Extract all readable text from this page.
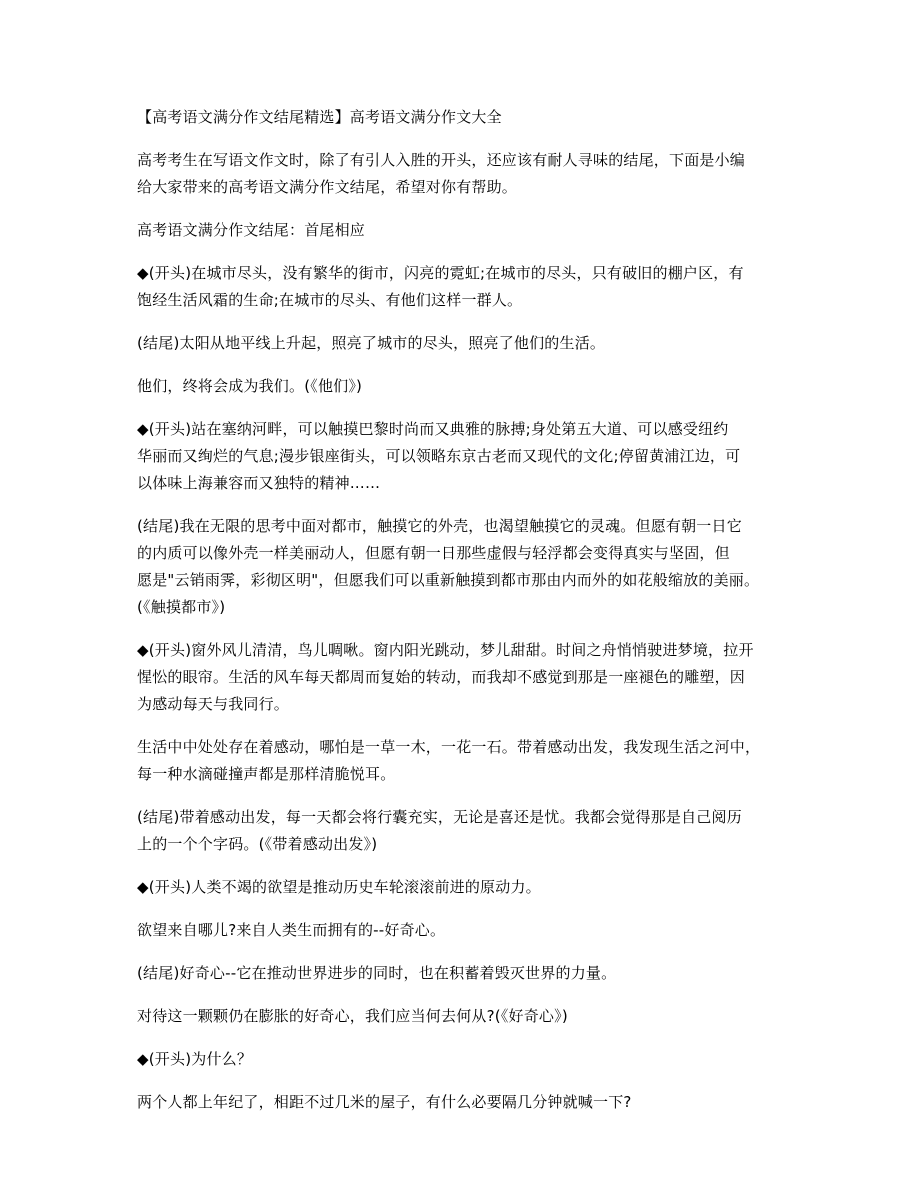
【高考语文满分作文结尾精选】高考语文满分作文大全
高考考生在写语文作文时，除了有引人入胜的开头，还应该有耐人寻味的结尾，下面是小编
给大家带来的高考语文满分作文结尾，希望对你有帮助。
高考语文满分作文结尾：首尾相应
◆(开头)在城市尽头，没有繁华的街市，闪亮的霓虹;在城市的尽头，只有破旧的棚户区，有
饱经生活风霜的生命;在城市的尽头、有他们这样一群人。
(结尾)太阳从地平线上升起，照亮了城市的尽头，照亮了他们的生活。
他们，终将会成为我们。(《他们》)
◆(开头)站在塞纳河畔，可以触摸巴黎时尚而又典雅的脉搏;身处第五大道、可以感受纽约
华丽而又绚烂的气息;漫步银座街头，可以领略东京古老而又现代的文化;停留黄浦江边，可
以体味上海兼容而又独特的精神……
(结尾)我在无限的思考中面对都市，触摸它的外壳，也渴望触摸它的灵魂。但愿有朝一日它
的内质可以像外壳一样美丽动人，但愿有朝一日那些虚假与轻浮都会变得真实与坚固，但
愿是"云销雨霁，彩彻区明"，但愿我们可以重新触摸到都市那由内而外的如花般缩放的美丽。
(《触摸都市》)
◆(开头)窗外风儿清清，鸟儿啁啾。窗内阳光跳动，梦儿甜甜。时间之舟悄悄驶进梦境，拉开
惺忪的眼帘。生活的风车每天都周而复始的转动，而我却不感觉到那是一座褪色的雕塑，因
为感动每天与我同行。
生活中中处处存在着感动，哪怕是一草一木，一花一石。带着感动出发，我发现生活之河中，
每一种水滴碰撞声都是那样清脆悦耳。
(结尾)带着感动出发，每一天都会将行囊充实，无论是喜还是忧。我都会觉得那是自己阅历
上的一个个字码。(《带着感动出发》)
◆(开头)人类不竭的欲望是推动历史车轮滚滚前进的原动力。
欲望来自哪儿?来自人类生而拥有的--好奇心。
(结尾)好奇心--它在推动世界进步的同时，也在积蓄着毁灭世界的力量。
对待这一颗颗仍在膨胀的好奇心，我们应当何去何从?(《好奇心》)
◆(开头)为什么？
两个人都上年纪了，相距不过几米的屋子，有什么必要隔几分钟就喊一下?
